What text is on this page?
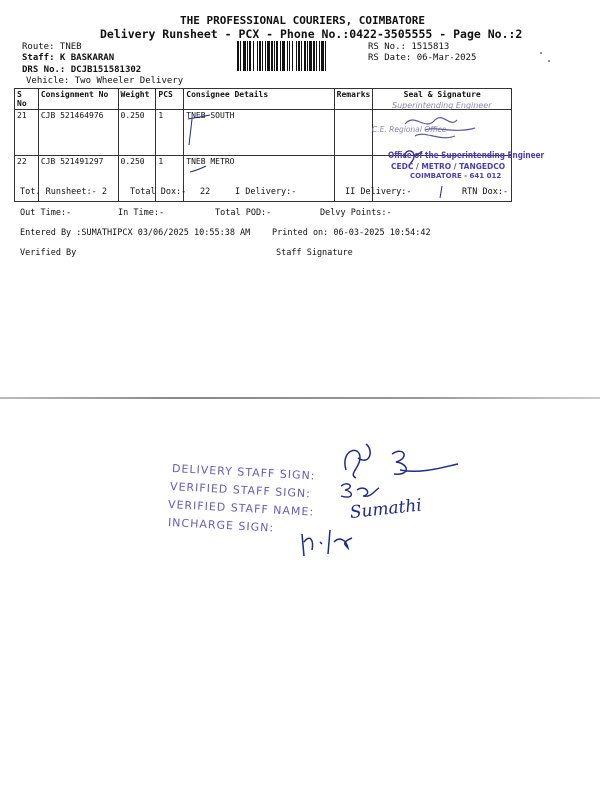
THE PROFESSIONAL COURIERS, COIMBATORE
Delivery Runsheet - PCX - Phone No.:0422-3505555 - Page No.:2
Route: TNEB
Staff: K BASKARAN
DRS No.: DCJB151581302
Vehicle: Two Wheeler Delivery
RS No.: 1515813
RS Date: 06-Mar-2025
S No	Consignment No	Weight	PCS	Consignee Details	Remarks	Seal & Signature
21	CJB 521464976	0.250	1	TNEB SOUTH		
22	CJB 521491297	0.250	1	TNEB METRO		
Superintending Engineer
C.E. Regional Office
Office of the Superintending Engineer
CEDC / METRO / TANGEDCO
COIMBATORE - 641 012
Tot. Runsheet:- 2	Total Dox:- 22	I Delivery:-	II Delivery:-	RTN Dox:-
Out Time:-	In Time:-	Total POD:-	Delvy Points:-
Entered By :SUMATHIPCX 03/06/2025 10:55:38 AM	Printed on: 06-03-2025 10:54:42
Verified By	Staff Signature
DELIVERY STAFF SIGN:
VERIFIED STAFF SIGN:
VERIFIED STAFF NAME:
INCHARGE SIGN:
Sumathi
